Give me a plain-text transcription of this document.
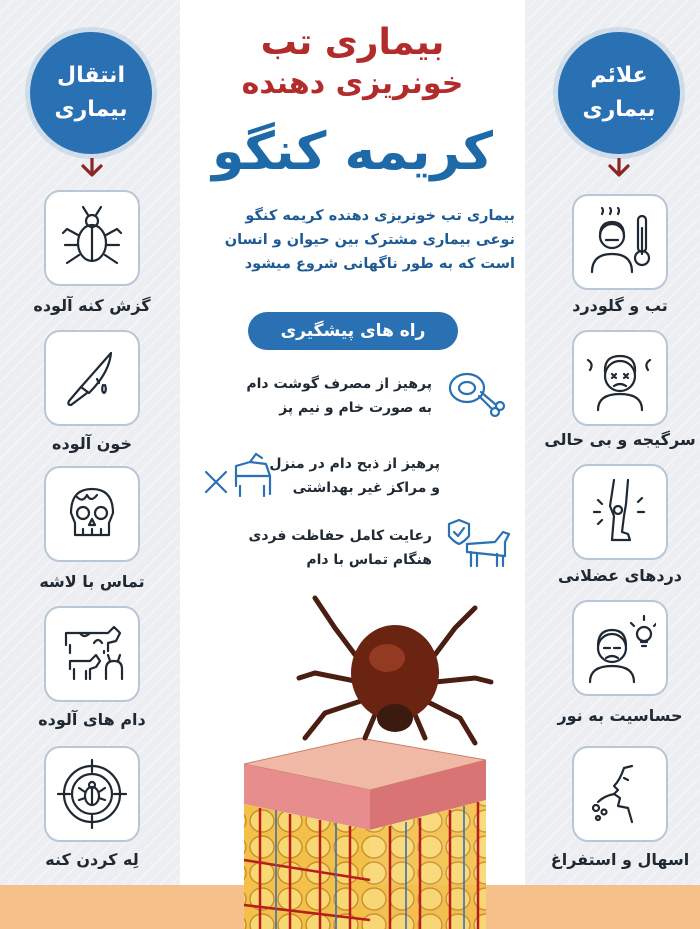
بیماری تب
خونریزی دهنده
کریمه کنگو
بیماری تب خونریزی دهنده کریمه کنگو
نوعی بیماری مشترک بین حیوان و انسان
است که به طور ناگهانی شروع میشود
راه های پیشگیری
پرهیز از مصرف گوشت دام
به صورت خام و نیم پز
پرهیز از ذبح دام در منزل
و مراکز غیر بهداشتی
رعایت کامل حفاظت فردی
هنگام تماس با دام
انتقال
بیماری
علائم
بیماری
گزش کنه آلوده
خون آلوده
تماس با لاشه
دام های آلوده
لِه کردن کنه
تب و گلودرد
سرگیجه و بی حالی
دردهای عضلانی
حساسیت به نور
اسهال و استفراغ
